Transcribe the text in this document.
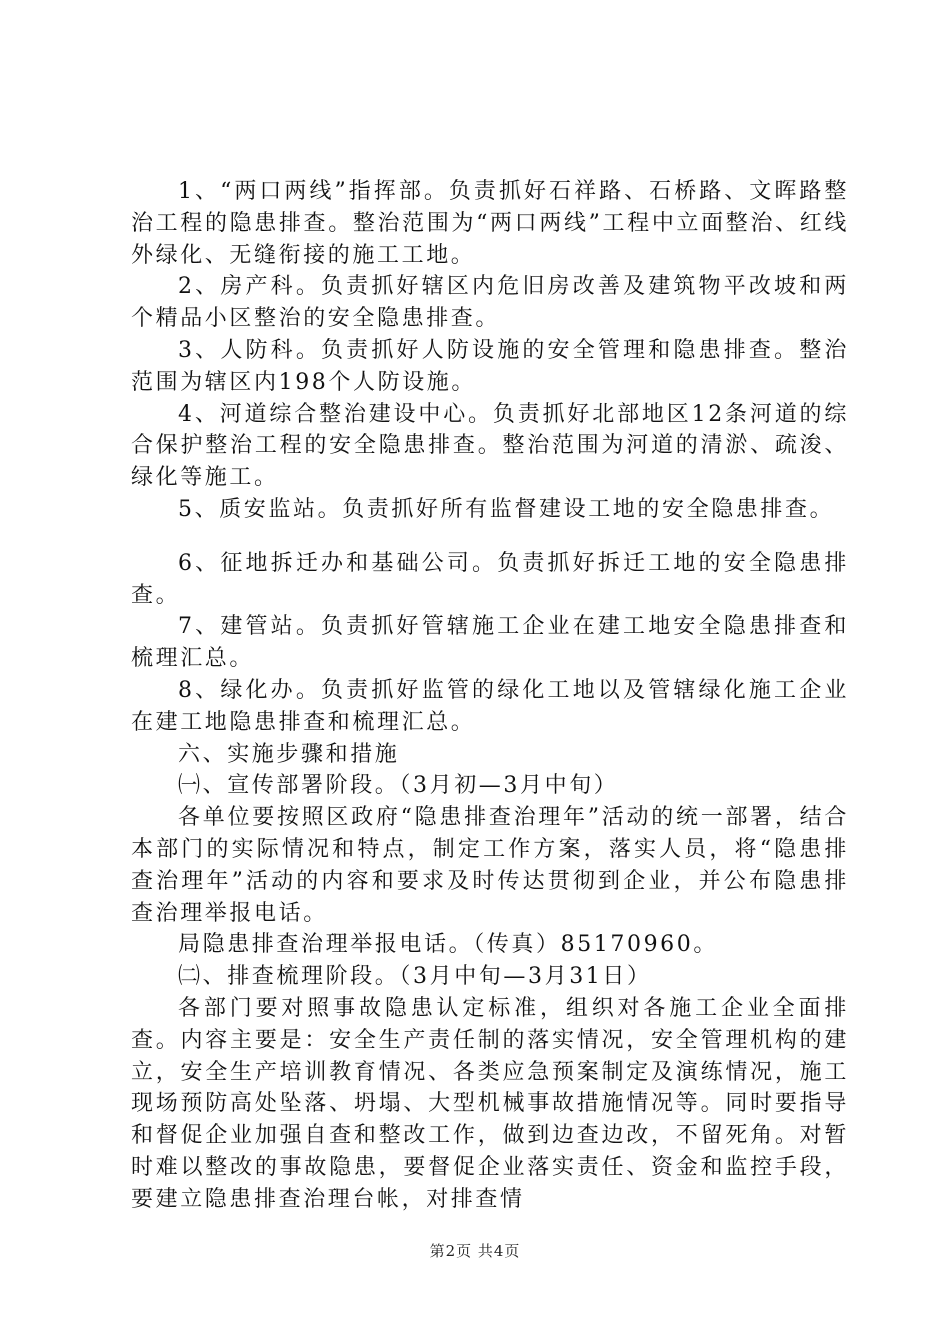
1、“两口两线”指挥部。负责抓好石祥路、石桥路、文晖路整治工程的隐患排查。整治范围为“两口两线”工程中立面整治、红线外绿化、无缝衔接的施工工地。

2、房产科。负责抓好辖区内危旧房改善及建筑物平改坡和两个精品小区整治的安全隐患排查。

3、人防科。负责抓好人防设施的安全管理和隐患排查。整治范围为辖区内198个人防设施。

4、河道综合整治建设中心。负责抓好北部地区12条河道的综合保护整治工程的安全隐患排查。整治范围为河道的清淤、疏浚、绿化等施工。

5、质安监站。负责抓好所有监督建设工地的安全隐患排查。

6、征地拆迁办和基础公司。负责抓好拆迁工地的安全隐患排查。

7、建管站。负责抓好管辖施工企业在建工地安全隐患排查和梳理汇总。

8、绿化办。负责抓好监管的绿化工地以及管辖绿化施工企业在建工地隐患排查和梳理汇总。

六、实施步骤和措施

㈠、宣传部署阶段。（3月初—3月中旬）

各单位要按照区政府“隐患排查治理年”活动的统一部署，结合本部门的实际情况和特点，制定工作方案，落实人员，将“隐患排查治理年”活动的内容和要求及时传达贯彻到企业，并公布隐患排查治理举报电话。

局隐患排查治理举报电话。（传真）85170960。

㈡、排查梳理阶段。（3月中旬—3月31日）

各部门要对照事故隐患认定标准，组织对各施工企业全面排查。内容主要是：安全生产责任制的落实情况，安全管理机构的建立，安全生产培训教育情况、各类应急预案制定及演练情况，施工现场预防高处坠落、坍塌、大型机械事故措施情况等。同时要指导和督促企业加强自查和整改工作，做到边查边改，不留死角。对暂时难以整改的事故隐患，要督促企业落实责任、资金和监控手段，要建立隐患排查治理台帐，对排查情

第2页 共4页
